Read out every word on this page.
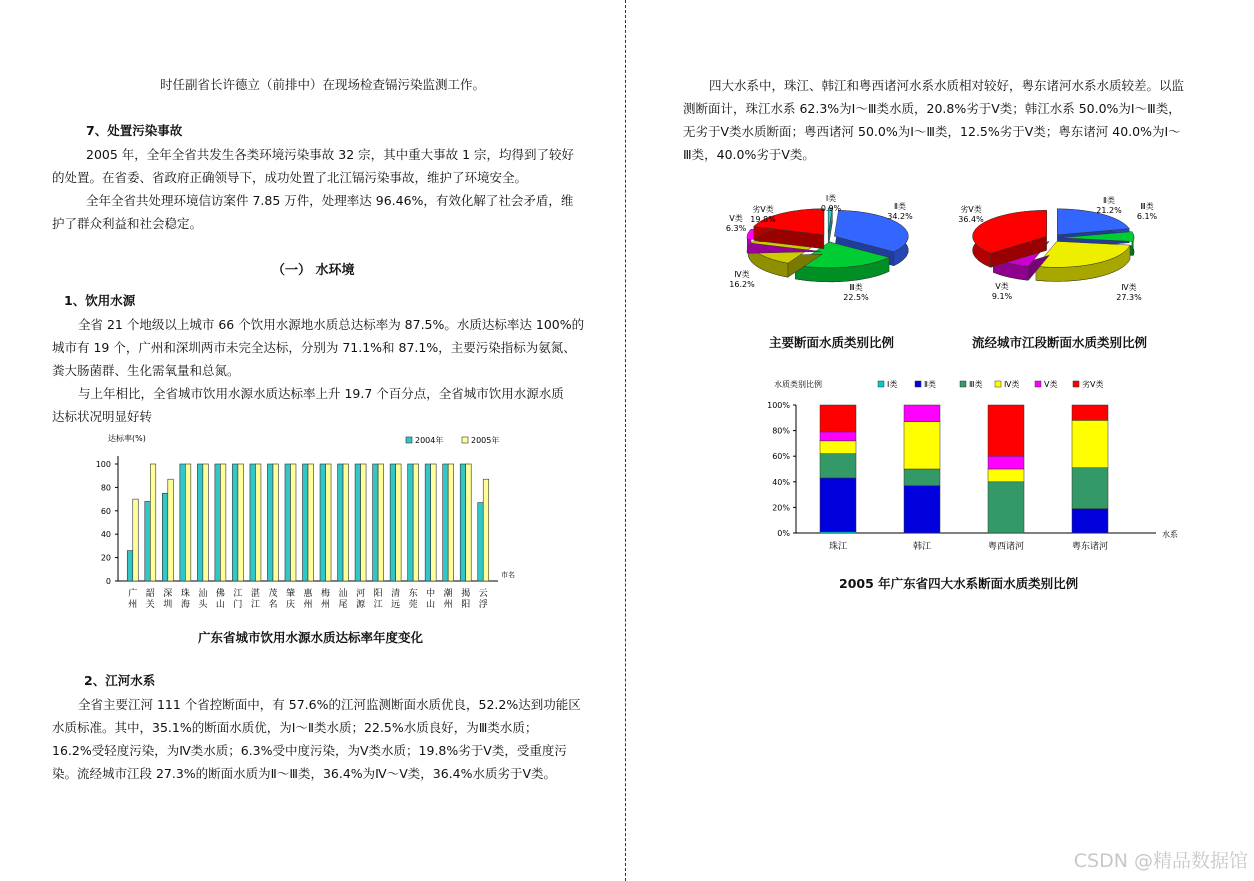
时任副省长许德立（前排中）在现场检查镉污染监测工作。
7、处置污染事故
2005 年，全年全省共发生各类环境污染事故 32 宗，其中重大事故 1 宗，均得到了较好
的处置。在省委、省政府正确领导下，成功处置了北江镉污染事故，维护了环境安全。
全年全省共处理环境信访案件 7.85 万件，处理率达 96.46%，有效化解了社会矛盾，维
护了群众利益和社会稳定。
（一） 水环境
1、饮用水源
全省 21 个地级以上城市 66 个饮用水源地水质总达标率为 87.5%。水质达标率达 100%的
城市有 19 个，广州和深圳两市未完全达标，分别为 71.1%和 87.1%，主要污染指标为氨氮、
粪大肠菌群、生化需氧量和总氮。
与上年相比，全省城市饮用水源水质达标率上升 19.7 个百分点，全省城市饮用水源水质
达标状况明显好转
达标率(%)
0
20
40
60
80
100
广
州
韶
关
深
圳
珠
海
汕
头
佛
山
江
门
湛
江
茂
名
肇
庆
惠
州
梅
州
汕
尾
河
源
阳
江
清
远
东
莞
中
山
潮
州
揭
阳
云
浮
市名
2004年	2005年
广东省城市饮用水源水质达标率年度变化
2、江河水系
全省主要江河 111 个省控断面中，有 57.6%的江河监测断面水质优良，52.2%达到功能区
水质标准。其中，35.1%的断面水质优，为Ⅰ～Ⅱ类水质；22.5%水质良好，为Ⅲ类水质；
16.2%受轻度污染，为Ⅳ类水质；6.3%受中度污染，为Ⅴ类水质；19.8%劣于Ⅴ类，受重度污
染。流经城市江段 27.3%的断面水质为Ⅱ～Ⅲ类，36.4%为Ⅳ～Ⅴ类，36.4%水质劣于Ⅴ类。
四大水系中，珠江、韩江和粤西诸河水系水质相对较好，粤东诸河水系水质较差。以监
测断面计，珠江水系 62.3%为Ⅰ～Ⅲ类水质，20.8%劣于Ⅴ类；韩江水系 50.0%为Ⅰ～Ⅲ类，
无劣于Ⅴ类水质断面；粤西诸河 50.0%为Ⅰ～Ⅲ类，12.5%劣于Ⅴ类；粤东诸河 40.0%为Ⅰ～
Ⅲ类，40.0%劣于Ⅴ类。
Ⅰ类
0.9%	Ⅱ类
34.2%
Ⅲ类
22.5%
Ⅳ类
16.2%
Ⅴ类
6.3%
劣Ⅴ类
19.8%
Ⅱ类
21.2% Ⅲ类
6.1%
Ⅳ类
27.3%
Ⅴ类
9.1%
劣Ⅴ类
36.4%
主要断面水质类别比例	流经城市江段断面水质类别比例
水质类别比例
0%
20%
40%
60%
80%
100%
珠江	韩江	粤西诸河	粤东诸河
水系
Ⅰ类	Ⅱ类	Ⅲ类	Ⅳ类	Ⅴ类	劣Ⅴ类
2005 年广东省四大水系断面水质类别比例
CSDN @精品数据馆
